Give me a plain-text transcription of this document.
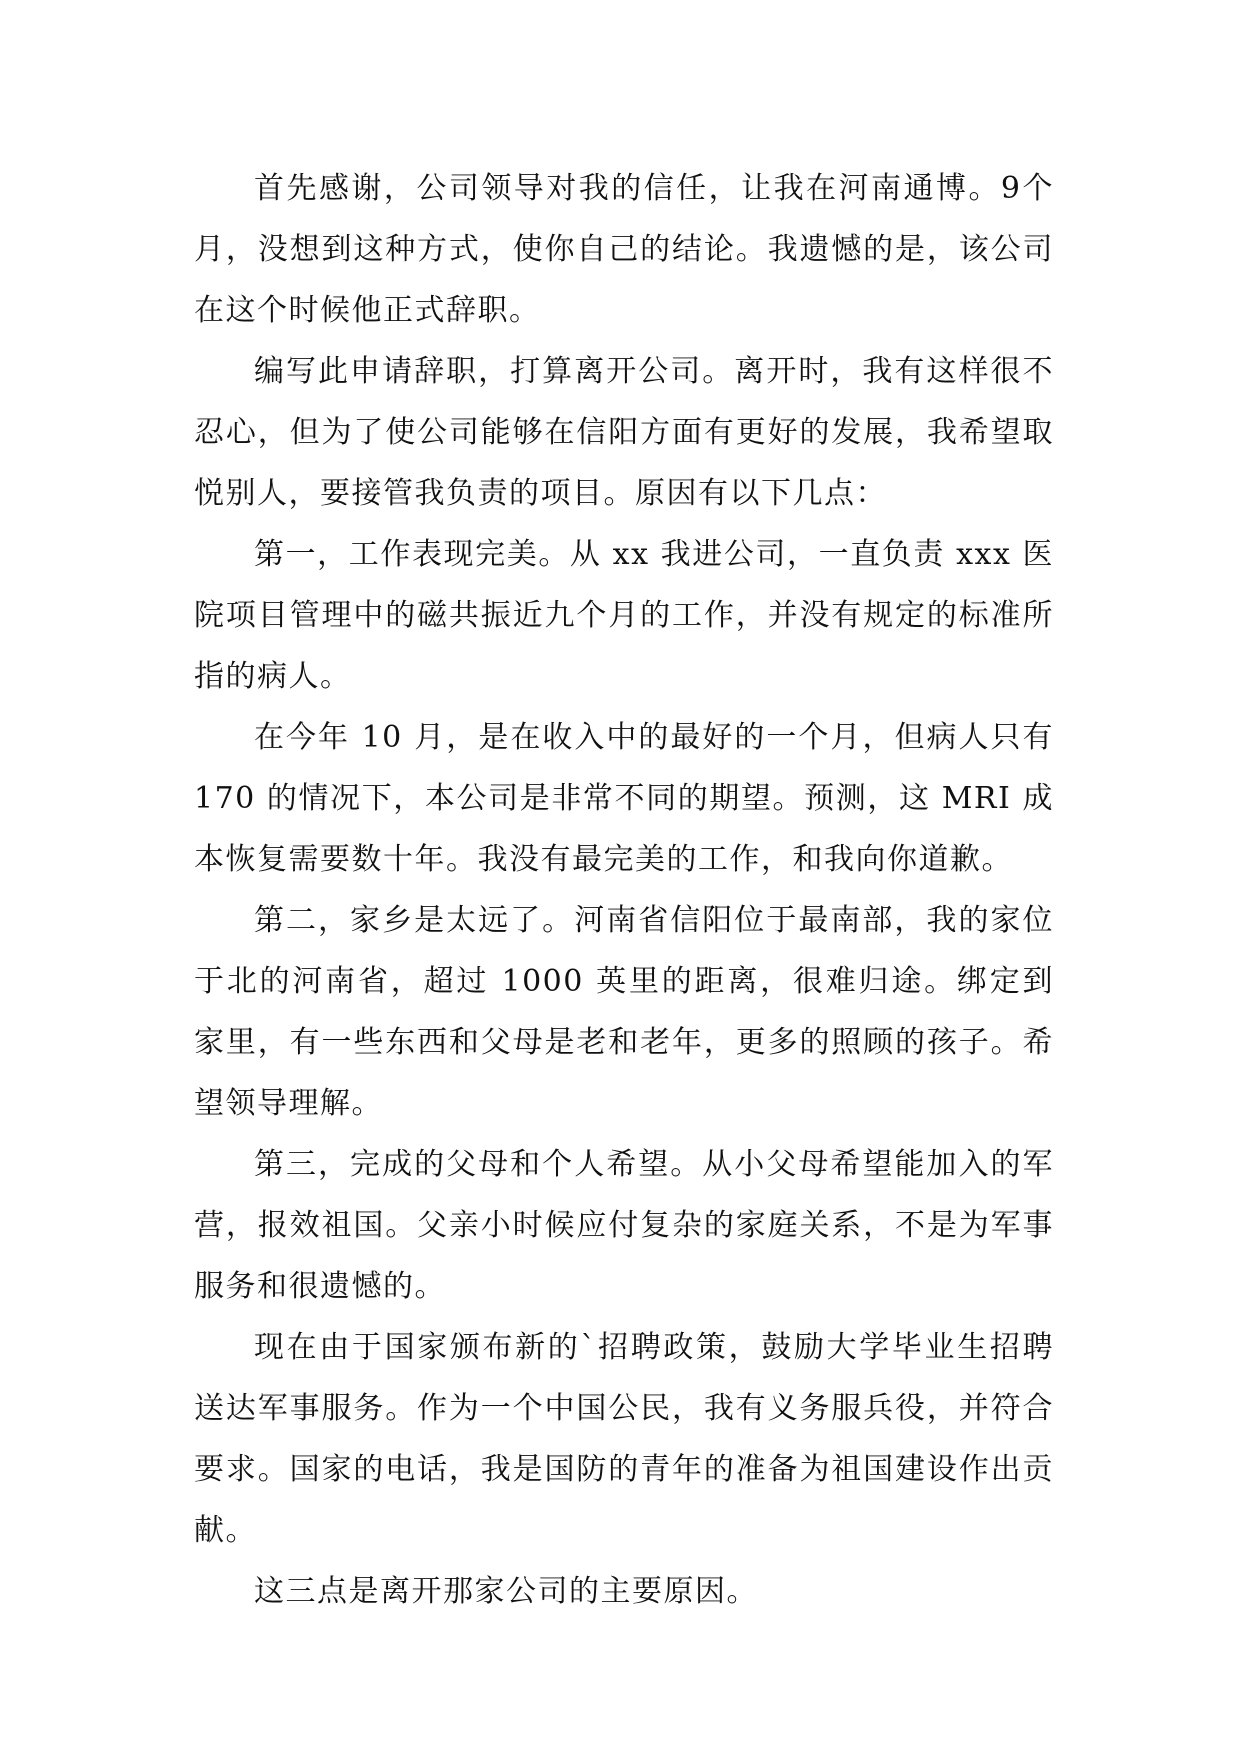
首先感谢，公司领导对我的信任，让我在河南通博。9个月，没想到这种方式，使你自己的结论。我遗憾的是，该公司在这个时候他正式辞职。

编写此申请辞职，打算离开公司。离开时，我有这样很不忍心，但为了使公司能够在信阳方面有更好的发展，我希望取悦别人，要接管我负责的项目。原因有以下几点：

第一，工作表现完美。从 xx 我进公司，一直负责 xxx 医院项目管理中的磁共振近九个月的工作，并没有规定的标准所指的病人。

在今年 10 月，是在收入中的最好的一个月，但病人只有 170 的情况下，本公司是非常不同的期望。预测，这 MRI 成本恢复需要数十年。我没有最完美的工作，和我向你道歉。

第二，家乡是太远了。河南省信阳位于最南部，我的家位于北的河南省，超过 1000 英里的距离，很难归途。绑定到家里，有一些东西和父母是老和老年，更多的照顾的孩子。希望领导理解。

第三，完成的父母和个人希望。从小父母希望能加入的军营，报效祖国。父亲小时候应付复杂的家庭关系，不是为军事服务和很遗憾的。

现在由于国家颁布新的`招聘政策，鼓励大学毕业生招聘送达军事服务。作为一个中国公民，我有义务服兵役，并符合要求。国家的电话，我是国防的青年的准备为祖国建设作出贡献。

这三点是离开那家公司的主要原因。
